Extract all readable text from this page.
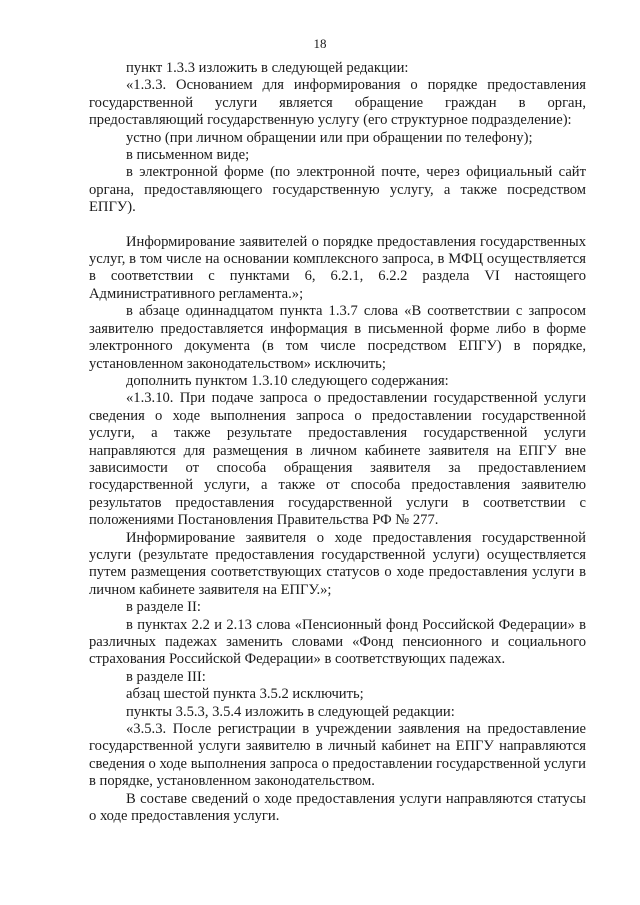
18

пункт 1.3.3 изложить в следующей редакции:

«1.3.3. Основанием для информирования о порядке предоставления государственной услуги является обращение граждан в орган, предоставляющий государственную услугу (его структурное подразделение):

устно (при личном обращении или при обращении по телефону);

в письменном виде;

в электронной форме (по электронной почте, через официальный сайт органа, предоставляющего государственную услугу, а также посредством ЕПГУ).

Информирование заявителей о порядке предоставления государственных услуг, в том числе на основании комплексного запроса, в МФЦ осуществляется в соответствии с пунктами 6, 6.2.1, 6.2.2 раздела VI настоящего Административного регламента.»;

в абзаце одиннадцатом пункта 1.3.7 слова «В соответствии с запросом заявителю предоставляется информация в письменной форме либо в форме электронного документа (в том числе посредством ЕПГУ) в порядке, установленном законодательством» исключить;

дополнить пунктом 1.3.10 следующего содержания:

«1.3.10. При подаче запроса о предоставлении государственной услуги сведения о ходе выполнения запроса о предоставлении государственной услуги, а также результате предоставления государственной услуги направляются для размещения в личном кабинете заявителя на ЕПГУ вне зависимости от способа обращения заявителя за предоставлением государственной услуги, а также от способа предоставления заявителю результатов предоставления государственной услуги в соответствии с положениями Постановления Правительства РФ № 277.

Информирование заявителя о ходе предоставления государственной услуги (результате предоставления государственной услуги) осуществляется путем размещения соответствующих статусов о ходе предоставления услуги в личном кабинете заявителя на ЕПГУ.»;

в разделе II:

в пунктах 2.2 и 2.13 слова «Пенсионный фонд Российской Федерации» в различных падежах заменить словами «Фонд пенсионного и социального страхования Российской Федерации» в соответствующих падежах.

в разделе III:

абзац шестой пункта 3.5.2 исключить;

пункты 3.5.3, 3.5.4 изложить в следующей редакции:

«3.5.3. После регистрации в учреждении заявления на предоставление государственной услуги заявителю в личный кабинет на ЕПГУ направляются сведения о ходе выполнения запроса о предоставлении государственной услуги в порядке, установленном законодательством.

В составе сведений о ходе предоставления услуги направляются статусы о ходе предоставления услуги.
